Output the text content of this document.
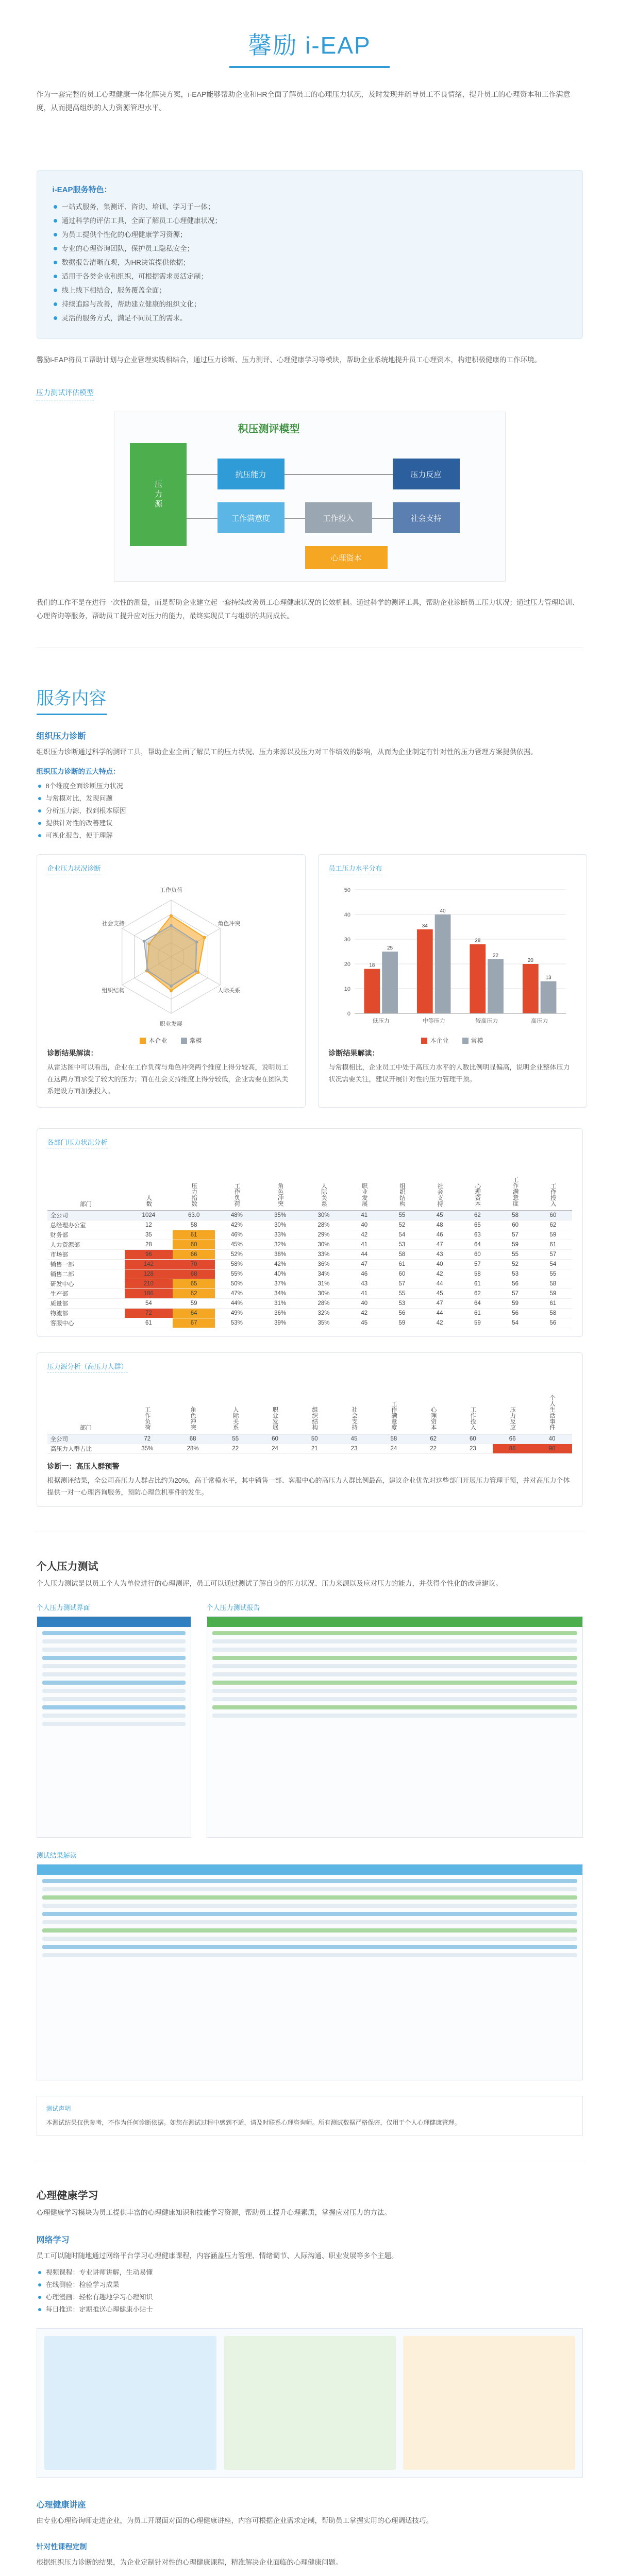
馨励 i-EAP
作为一套完整的员工心理健康一体化解决方案，i-EAP能够帮助企业和HR全面了解员工的心理压力状况，及时发现并疏导员工不良情绪，提升员工的心理资本和工作满意度，从而提高组织的人力资源管理水平。
i-EAP服务特色：
一站式服务，集测评、咨询、培训、学习于一体；
通过科学的评估工具，全面了解员工心理健康状况；
为员工提供个性化的心理健康学习资源；
专业的心理咨询团队，保护员工隐私安全；
数据报告清晰直观，为HR决策提供依据；
适用于各类企业和组织，可根据需求灵活定制；
线上线下相结合，服务覆盖全面；
持续追踪与改善，帮助建立健康的组织文化；
灵活的服务方式，满足不同员工的需求。
馨励i-EAP将员工帮助计划与企业管理实践相结合，通过压力诊断、压力测评、心理健康学习等模块，帮助企业系统地提升员工心理资本，构建积极健康的工作环境。
压力测试评估模型
积压测评模型
压力源
抗压能力
工作满意度	工作投入
压力反应
社会支持
心理资本
我们的工作不是在进行一次性的测量，而是帮助企业建立起一套持续改善员工心理健康状况的长效机制。通过科学的测评工具，帮助企业诊断员工压力状况；通过压力管理培训、心理咨询等服务，帮助员工提升应对压力的能力，最终实现员工与组织的共同成长。
服务内容
组织压力诊断
组织压力诊断通过科学的测评工具，帮助企业全面了解员工的压力状况、压力来源以及压力对工作绩效的影响，从而为企业制定有针对性的压力管理方案提供依据。
组织压力诊断的五大特点：
8个维度全面诊断压力状况
与常模对比，发现问题
分析压力源，找到根本原因
提供针对性的改善建议
可视化报告，便于理解
企业压力状况诊断
工作负荷
角色冲突
人际关系
职业发展
组织结构
社会支持
本企业	常模
诊断结果解读：
从雷达图中可以看出，企业在工作负荷与角色冲突两个维度上得分较高，说明员工在这两方面承受了较大的压力；而在社会支持维度上得分较低，企业需要在团队关系建设方面加强投入。
员工压力水平分布
0
10
20
30
40
50
18
25
低压力
34
40
中等压力
28
22
较高压力
20
13
高压力
本企业	常模
诊断结果解读：
与常模相比，企业员工中处于高压力水平的人数比例明显偏高，说明企业整体压力状况需要关注，建议开展针对性的压力管理干预。
各部门压力状况分析
部门	人数	压力指数	工作负荷	角色冲突	人际关系	职业发展	组织结构	社会支持	心理资本	工作满意度	工作投入
全公司	1024	63.0	48%	35%	30%	41	55	45	62	58	60
总经理办公室	12	58	42%	30%	28%	40	52	48	65	60	62
财务部	35	61	46%	33%	29%	42	54	46	63	57	59
人力资源部	28	60	45%	32%	30%	41	53	47	64	59	61
市场部	96	66	52%	38%	33%	44	58	43	60	55	57
销售一部	142	70	58%	42%	36%	47	61	40	57	52	54
销售二部	128	68	55%	40%	34%	46	60	42	58	53	55
研发中心	210	65	50%	37%	31%	43	57	44	61	56	58
生产部	186	62	47%	34%	30%	41	55	45	62	57	59
质量部	54	59	44%	31%	28%	40	53	47	64	59	61
物流部	72	64	49%	36%	32%	42	56	44	61	56	58
客服中心	61	67	53%	39%	35%	45	59	42	59	54	56
压力源分析（高压力人群）
部门	工作负荷	角色冲突	人际关系	职业发展	组织结构	社会支持	工作满意度	心理资本	工作投入	压力反应	个人生活事件
全公司	72	68	55	60	50	45	58	62	60	66	40
高压力人群占比	35%	28%	22	24	21	23	24	22	23	86	90
诊断一：高压人群预警
根据测评结果，全公司高压力人群占比约为20%，高于常模水平，其中销售一部、客服中心的高压力人群比例最高，建议企业优先对这些部门开展压力管理干预，并对高压力个体提供一对一心理咨询服务，预防心理危机事件的发生。
个人压力测试
个人压力测试是以员工个人为单位进行的心理测评，员工可以通过测试了解自身的压力状况、压力来源以及应对压力的能力，并获得个性化的改善建议。
个人压力测试界面	个人压力测试报告
测试结果解读
测试声明
本测试结果仅供参考，不作为任何诊断依据。如您在测试过程中感到不适，请及时联系心理咨询师。所有测试数据严格保密，仅用于个人心理健康管理。
心理健康学习
心理健康学习模块为员工提供丰富的心理健康知识和技能学习资源，帮助员工提升心理素质，掌握应对压力的方法。
网络学习
员工可以随时随地通过网络平台学习心理健康课程，内容涵盖压力管理、情绪调节、人际沟通、职业发展等多个主题。
视频课程：专业讲师讲解，生动易懂
在线测验：检验学习成果
心理漫画：轻松有趣地学习心理知识
每日推送：定期推送心理健康小贴士
心理健康讲座
由专业心理咨询师走进企业，为员工开展面对面的心理健康讲座，内容可根据企业需求定制，帮助员工掌握实用的心理调适技巧。
针对性课程定制
根据组织压力诊断的结果，为企业定制针对性的心理健康课程，精准解决企业面临的心理健康问题。
